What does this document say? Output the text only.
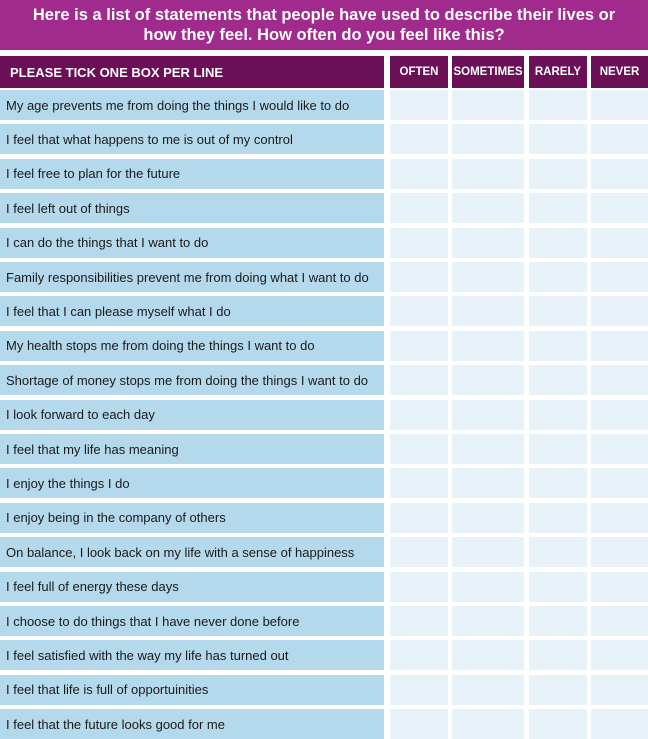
Here is a list of statements that people have used to describe their lives or
how they feel. How often do you feel like this?
PLEASE TICK ONE BOX PER LINE	OFTEN	SOMETIMES	RARELY	NEVER
My age prevents me from doing the things I would like to do
I feel that what happens to me is out of my control
I feel free to plan for the future
I feel left out of things
I can do the things that I want to do
Family responsibilities prevent me from doing what I want to do
I feel that I can please myself what I do
My health stops me from doing the things I want to do
Shortage of money stops me from doing the things I want to do
I look forward to each day
I feel that my life has meaning
I enjoy the things I do
I enjoy being in the company of others
On balance, I look back on my life with a sense of happiness
I feel full of energy these days
I choose to do things that I have never done before
I feel satisfied with the way my life has turned out
I feel that life is full of opportuinities
I feel that the future looks good for me
